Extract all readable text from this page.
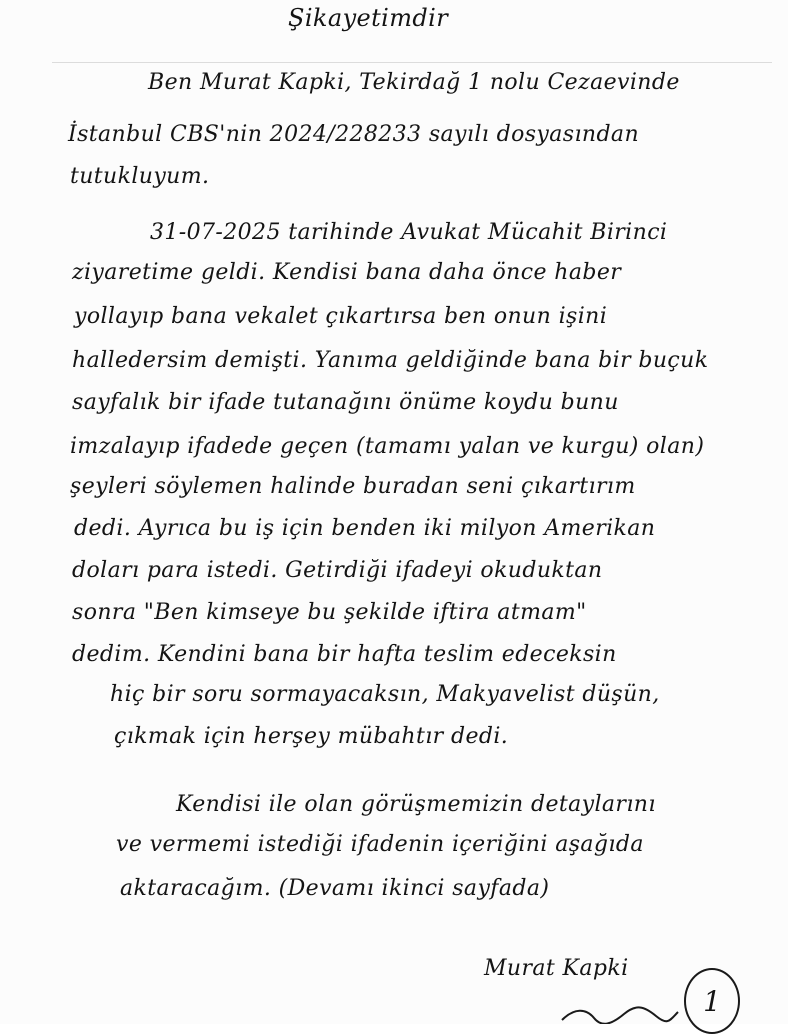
Şikayetimdir
Ben Murat Kapki, Tekirdağ 1 nolu Cezaevinde
İstanbul CBS'nin 2024/228233 sayılı dosyasından
tutukluyum.
31-07-2025 tarihinde Avukat Mücahit Birinci
ziyaretime geldi. Kendisi bana daha önce haber
yollayıp bana vekalet çıkartırsa ben onun işini
halledersim demişti. Yanıma geldiğinde bana bir buçuk
sayfalık bir ifade tutanağını önüme koydu bunu
imzalayıp ifadede geçen (tamamı yalan ve kurgu) olan)
şeyleri söylemen halinde buradan seni çıkartırım
dedi. Ayrıca bu iş için benden iki milyon Amerikan
doları para istedi. Getirdiği ifadeyi okuduktan
sonra "Ben kimseye bu şekilde iftira atmam"
dedim. Kendini bana bir hafta teslim edeceksin
hiç bir soru sormayacaksın, Makyavelist düşün,
çıkmak için herşey mübahtır dedi.
Kendisi ile olan görüşmemizin detaylarını
ve vermemi istediği ifadenin içeriğini aşağıda
aktaracağım. (Devamı ikinci sayfada)
Murat Kapki
1
